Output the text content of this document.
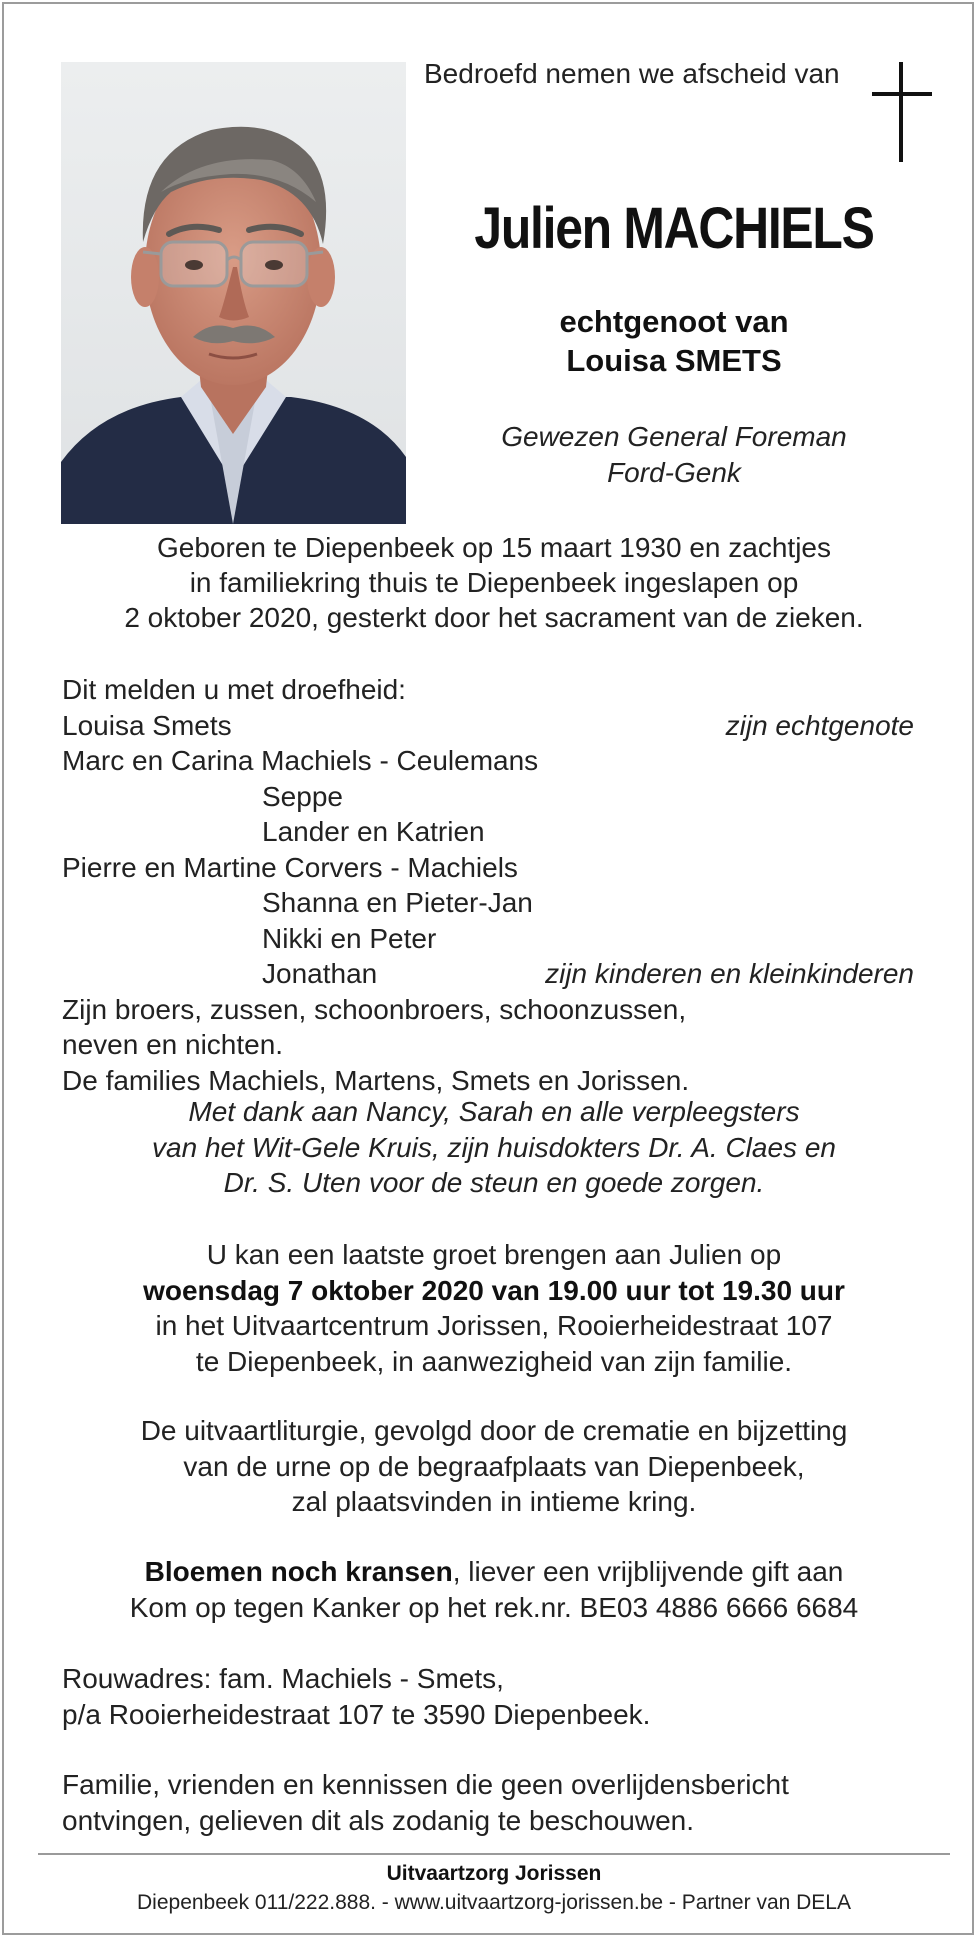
Bedroefd nemen we afscheid van

Julien MACHIELS
echtgenoot van
Louisa SMETS
Gewezen General Foreman
Ford-Genk
Geboren te Diepenbeek op 15 maart 1930 en zachtjes
in familiekring thuis te Diepenbeek ingeslapen op
2 oktober 2020, gesterkt door het sacrament van de zieken.
Dit melden u met droefheid:
Louisa Smets	zijn echtgenote
Marc en Carina Machiels - Ceulemans
Seppe
Lander en Katrien
Pierre en Martine Corvers - Machiels
Shanna en Pieter-Jan
Nikki en Peter
Jonathan	zijn kinderen en kleinkinderen
Zijn broers, zussen, schoonbroers, schoonzussen,
neven en nichten.
De families Machiels, Martens, Smets en Jorissen.
Met dank aan Nancy, Sarah en alle verpleegsters
van het Wit-Gele Kruis, zijn huisdokters Dr. A. Claes en
Dr. S. Uten voor de steun en goede zorgen.
U kan een laatste groet brengen aan Julien op
woensdag 7 oktober 2020 van 19.00 uur tot 19.30 uur
in het Uitvaartcentrum Jorissen, Rooierheidestraat 107
te Diepenbeek, in aanwezigheid van zijn familie.
De uitvaartliturgie, gevolgd door de crematie en bijzetting
van de urne op de begraafplaats van Diepenbeek,
zal plaatsvinden in intieme kring.
Bloemen noch kransen, liever een vrijblijvende gift aan
Kom op tegen Kanker op het rek.nr. BE03 4886 6666 6684
Rouwadres: fam. Machiels - Smets,
p/a Rooierheidestraat 107 te 3590 Diepenbeek.
Familie, vrienden en kennissen die geen overlijdensbericht
ontvingen, gelieven dit als zodanig te beschouwen.
Uitvaartzorg Jorissen
Diepenbeek 011/222.888. - www.uitvaartzorg-jorissen.be - Partner van DELA
